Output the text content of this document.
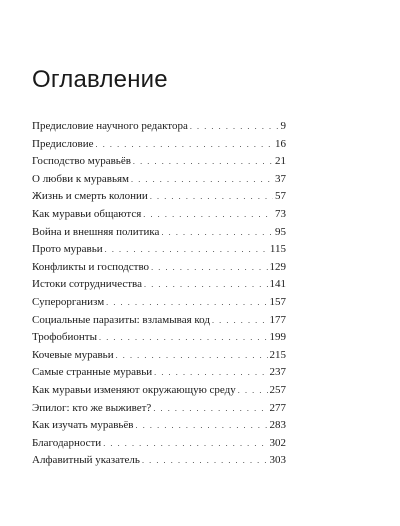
Оглавление
Предисловие научного редактора . . .	9
Предисловие . . .	16
Господство муравьёв . . .	21
О любви к муравьям . . .	37
Жизнь и смерть колонии . . .	57
Как муравьи общаются . . .	73
Война и внешняя политика . . .	95
Прото муравьи . . .	115
Конфликты и господство . . .	129
Истоки сотрудничества . . .	141
Суперорганизм . . .	157
Социальные паразиты: взламывая код . . .	177
Трофобионты . . .	199
Кочевые муравьи . . .	215
Самые странные муравьи . . .	237
Как муравьи изменяют окружающую среду . . .	257
Эпилог: кто же выживет? . . .	277
Как изучать муравьёв . . .	283
Благодарности . . .	302
Алфавитный указатель . . .	303
